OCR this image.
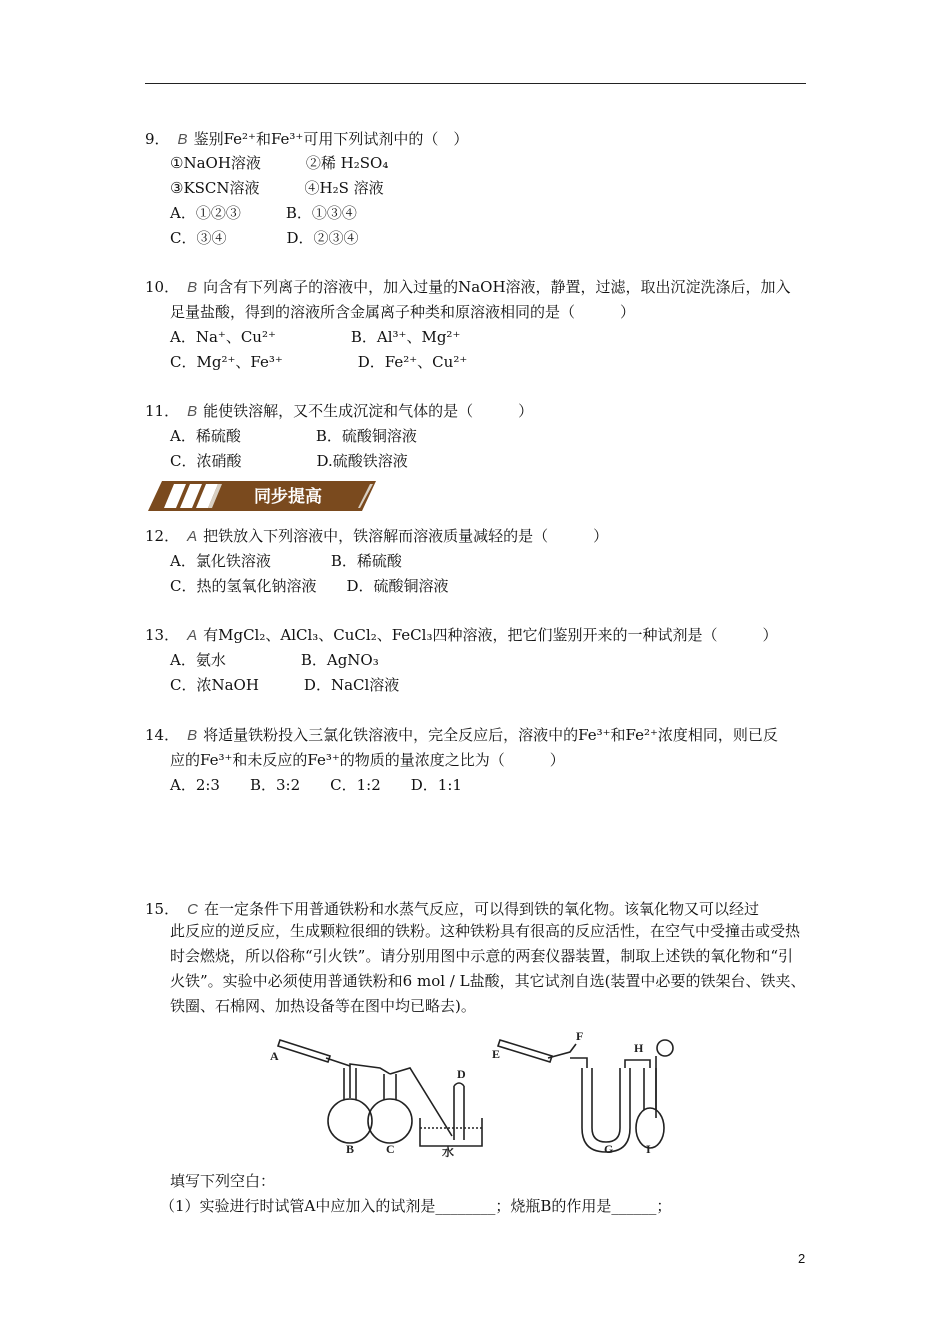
9． B 鉴别Fe²⁺和Fe³⁺可用下列试剂中的（　）
①NaOH溶液　　　②稀 H₂SO₄
③KSCN溶液　　　④H₂S 溶液
A．①②③　　　B．①③④
C．③④　　　　D．②③④
10． B 向含有下列离子的溶液中，加入过量的NaOH溶液，静置，过滤，取出沉淀洗涤后，加入
足量盐酸，得到的溶液所含金属离子种类和原溶液相同的是（　　　）
A．Na⁺、Cu²⁺　　　　　B．Al³⁺、Mg²⁺
C．Mg²⁺、Fe³⁺　　　　　D．Fe²⁺、Cu²⁺
11． B 能使铁溶解，又不生成沉淀和气体的是（　　　）
A．稀硫酸　　　　　B．硫酸铜溶液
C．浓硝酸　　　　　D.硫酸铁溶液
同步提高
12． A 把铁放入下列溶液中，铁溶解而溶液质量减轻的是（　　　）
A．氯化铁溶液　　　　B．稀硫酸
C．热的氢氧化钠溶液　　D．硫酸铜溶液
13． A 有MgCl₂、AlCl₃、CuCl₂、FeCl₃四种溶液，把它们鉴别开来的一种试剂是（　　　）
A．氨水　　　　　B．AgNO₃
C．浓NaOH　　　D．NaCl溶液
14． B 将适量铁粉投入三氯化铁溶液中，完全反应后，溶液中的Fe³⁺和Fe²⁺浓度相同，则已反
应的Fe³⁺和未反应的Fe³⁺的物质的量浓度之比为（　　　）
A．2:3　　B．3:2　　C．1:2　　D．1:1
15． C 在一定条件下用普通铁粉和水蒸气反应，可以得到铁的氧化物。该氧化物又可以经过
此反应的逆反应，生成颗粒很细的铁粉。这种铁粉具有很高的反应活性，在空气中受撞击或受热时会燃烧，所以俗称“引火铁”。请分别用图中示意的两套仪器装置，制取上述铁的氧化物和“引火铁”。实验中必须使用普通铁粉和6 mol / L盐酸，其它试剂自选(装置中必要的铁架台、铁夹、铁圈、石棉网、加热设备等在图中均已略去)。
A
B	C
D
水
E
F
G
H
I
填写下列空白：
（1）实验进行时试管A中应加入的试剂是________；烧瓶B的作用是______；
2
